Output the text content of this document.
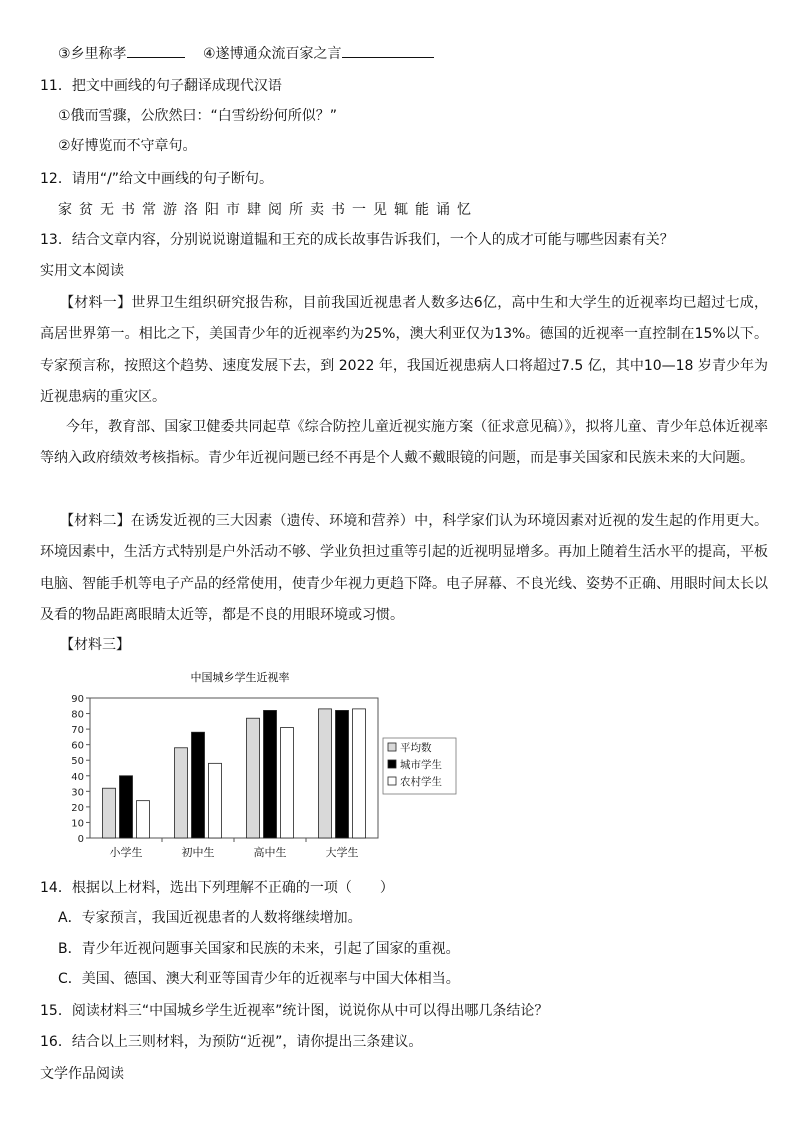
③乡里称孝	④遂博通众流百家之言
11．把文中画线的句子翻译成现代汉语
①俄而雪骤，公欣然曰：“白雪纷纷何所似？”
②好博览而不守章句。
12．请用“/”给文中画线的句子断句。
家贫无书常游洛阳市肆阅所卖书一见辄能诵忆
13．结合文章内容，分别说说谢道韫和王充的成长故事告诉我们，一个人的成才可能与哪些因素有关？
实用文本阅读
【材料一】世界卫生组织研究报告称，目前我国近视患者人数多达6亿，高中生和大学生的近视率均已超过七成，高居世界第一。相比之下，美国青少年的近视率约为25%，澳大利亚仅为13%。德国的近视率一直控制在15%以下。专家预言称，按照这个趋势、速度发展下去，到 2022 年，我国近视患病人口将超过7.5 亿，其中10—18 岁青少年为近视患病的重灾区。
今年，教育部、国家卫健委共同起草《综合防控儿童近视实施方案（征求意见稿）》，拟将儿童、青少年总体近视率等纳入政府绩效考核指标。青少年近视问题已经不再是个人戴不戴眼镜的问题，而是事关国家和民族未来的大问题。
【材料二】在诱发近视的三大因素（遗传、环境和营养）中，科学家们认为环境因素对近视的发生起的作用更大。环境因素中，生活方式特别是户外活动不够、学业负担过重等引起的近视明显增多。再加上随着生活水平的提高，平板电脑、智能手机等电子产品的经常使用，使青少年视力更趋下降。电子屏幕、不良光线、姿势不正确、用眼时间太长以及看的物品距离眼睛太近等，都是不良的用眼环境或习惯。
【材料三】
中国城乡学生近视率
0
10
20
30
40
50
60
70
80
90
小学生	初中生	高中生	大学生
平均数
城市学生
农村学生
14．根据以上材料，选出下列理解不正确的一项（　　）
A．专家预言，我国近视患者的人数将继续增加。
B．青少年近视问题事关国家和民族的未来，引起了国家的重视。
C．美国、德国、澳大利亚等国青少年的近视率与中国大体相当。
15．阅读材料三“中国城乡学生近视率”统计图，说说你从中可以得出哪几条结论？
16．结合以上三则材料，为预防“近视”，请你提出三条建议。
文学作品阅读
